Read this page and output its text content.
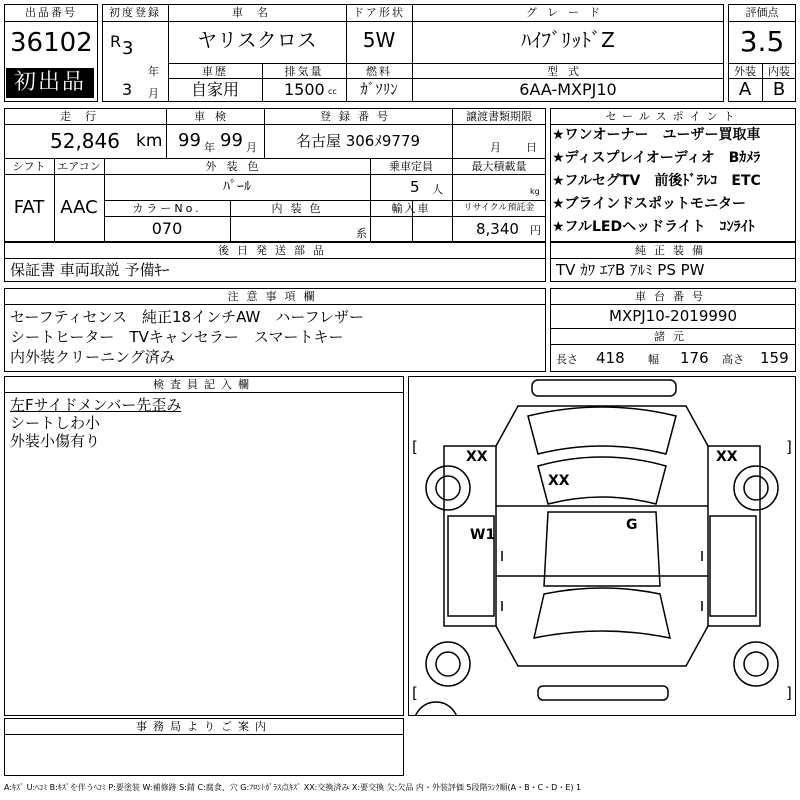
出品番号
36102
初出品
初度登録
R 3
年
3 月
車名
ヤリスクロス
ドア形状
5W
グレード
ﾊｲﾌﾞﾘｯﾄﾞZ
車歴
自家用
排気量
1500 cc
燃料
ｶﾞｿﾘﾝ
型式
6AA-MXPJ10
評価点
3.5
外装	内装
A	B
走行
52,846 km
車検
99 年 99 月
登録番号
名古屋 306ﾒ9779
譲渡書類期限
月 日
シフト
FAT
エアコン
AAC
外装色
ﾊﾟｰﾙ
乗車定員
5 人
最大積載量
kg
カラーNo.
070
内装色
系
輸入車	リサイクル預託金
8,340 円
後日発送部品
保証書 車両取説 予備ｷｰ
セールスポイント
★ワンオーナー　ユーザー買取車
★ディスプレイオーディオ　Bｶﾒﾗ
★フルセグTV　前後ﾄﾞﾗﾚｺ　ETC
★ブラインドスポットモニター
★フルLEDヘッドライト　ｺﾝﾗｲﾄ
純正装備
TV ｶﾜ ｴｱB ｱﾙﾐ PS PW
注意事項欄
セーフティセンス　純正18インチAW　ハーフレザー
シートヒーター　TVキャンセラー　スマートキー
内外装クリーニング済み
車台番号
MXPJ10-2019990
諸元
長さ 418 幅 176 高さ 159
検査員記入欄
左Fサイドメンバー先歪み
シートしわ小
外装小傷有り	[	]
[	]
XX	XX
XX
W1
G
事務局よりご案内
A:ｷｽﾞ U:ﾍｺﾐ B:ｷｽﾞを伴うﾍｺﾐ P:要塗装 W:補修跡 S:錆 C:腐食、穴 G:ﾌﾛﾝﾄｶﾞﾗｽ点ｷｽﾞ XX:交換済み X:要交換 欠:欠品 内・外装評価 5段階ﾗﾝｸ順(A・B・C・D・E) 1
